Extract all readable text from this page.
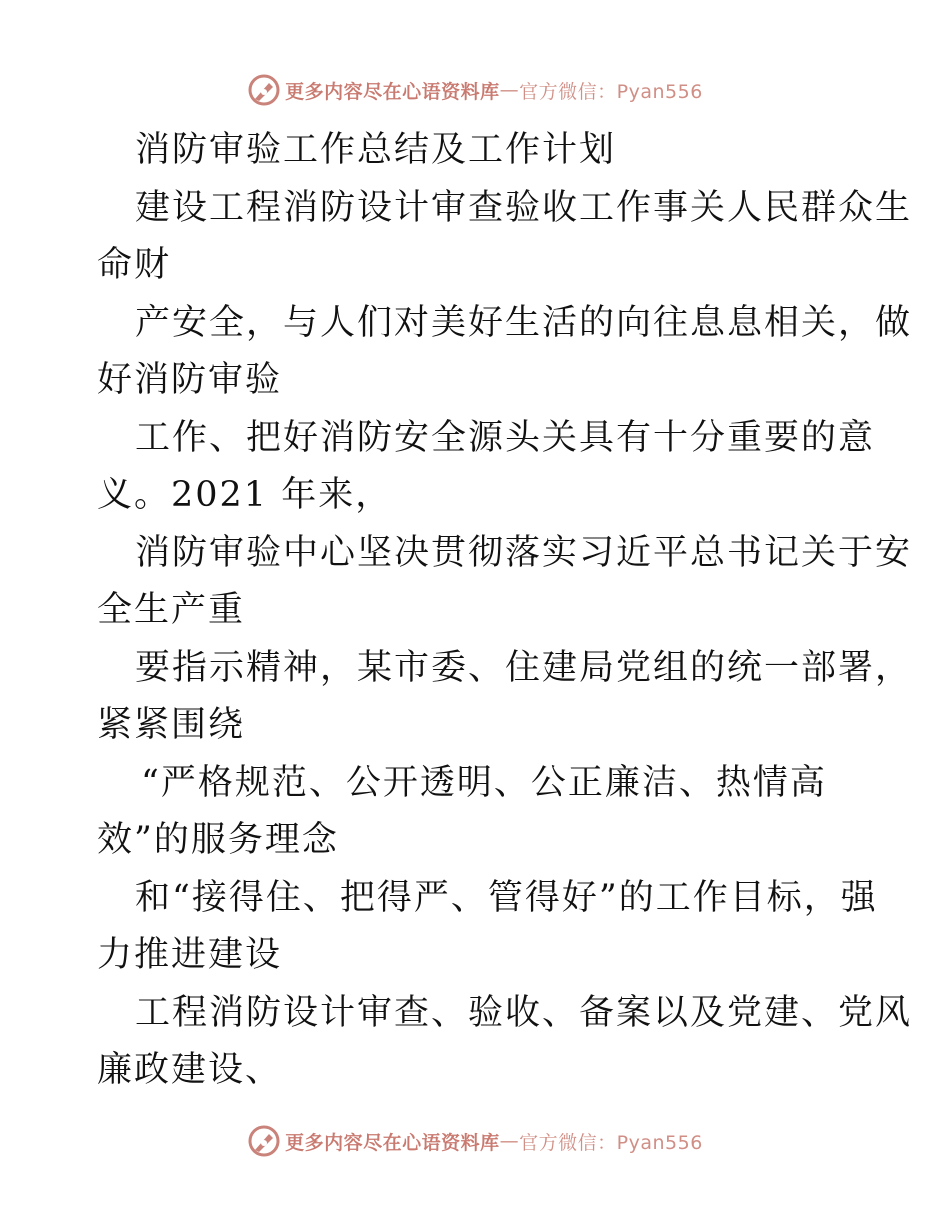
更多内容尽在心语资料库 — 官方微信：Pyan556
消防审验工作总结及工作计划
建设工程消防设计审查验收工作事关人民群众生
命财
产安全，与人们对美好生活的向往息息相关，做
好消防审验
工作、把好消防安全源头关具有十分重要的意
义。2021 年来，
消防审验中心坚决贯彻落实习近平总书记关于安
全生产重
要指示精神，某市委、住建局党组的统一部署，
紧紧围绕
“严格规范、公开透明、公正廉洁、热情高
效”的服务理念
和“接得住、把得严、管得好”的工作目标，强
力推进建设
工程消防设计审查、验收、备案以及党建、党风
廉政建设、
更多内容尽在心语资料库 — 官方微信：Pyan556
